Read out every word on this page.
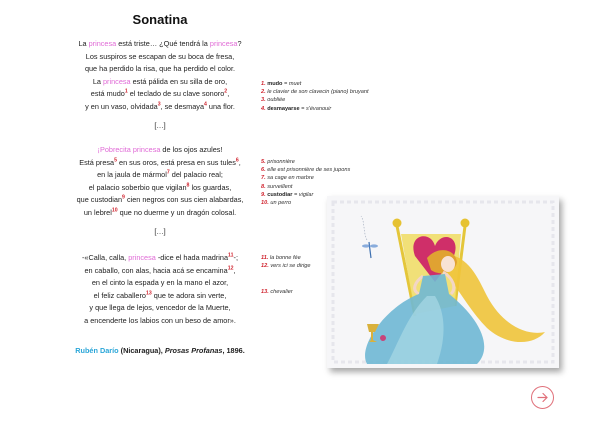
Sonatina
La princesa está triste… ¿Qué tendrá la princesa?
Los suspiros se escapan de su boca de fresa,
que ha perdido la risa, que ha perdido el color.
La princesa está pálida en su silla de oro,
está mudo$^1$ el teclado de su clave sonoro$^2$,
y en un vaso, olvidada$^3$, se desmaya$^4$ una flor.
[…]
¡Pobrecita princesa de los ojos azules!
Está presa$^5$ en sus oros, está presa en sus tules$^6$,
en la jaula de mármol$^7$ del palacio real;
el palacio soberbio que vigilan$^8$ los guardas,
que custodian$^9$ cien negros con sus cien alabardas,
un lebrel$^{10}$ que no duerme y un dragón colosal.
[…]
-«Calla, calla, princesa -dice el hada madrina$^{11}$-;
en caballo, con alas, hacia acá se encamina$^{12}$,
en el cinto la espada y en la mano el azor,
el feliz caballero$^{13}$ que te adora sin verte,
y que llega de lejos, vencedor de la Muerte,
a encenderte los labios con un beso de amor».
Rubén Darío (Nicaragua), Prosas Profanas, 1896.
1. mudo = muet
2. le clavier de son clavecin (piano) bruyant
3. oubliée
4. desmayarse = s'évanouir
5. prisonnière
6. elle est prisonnière de ses jupons
7. sa cage en marbre
8. surveillent
9. custodiar = vigilar
10. un perro
11. la bonne fée
12. vers ici se dirige
13. chevalier
